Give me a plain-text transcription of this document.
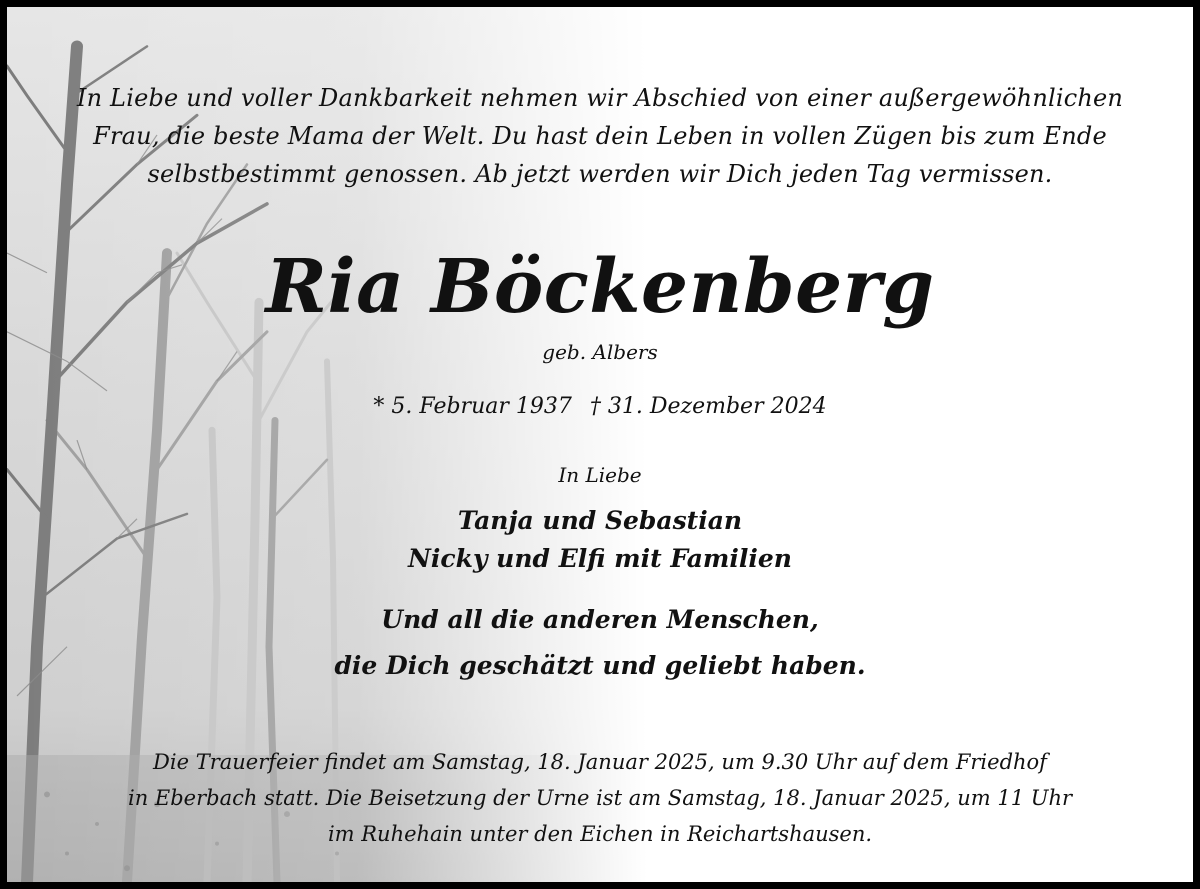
In Liebe und voller Dankbarkeit nehmen wir Abschied von einer außergewöhnlichen
Frau, die beste Mama der Welt. Du hast dein Leben in vollen Zügen bis zum Ende
selbstbestimmt genossen. Ab jetzt werden wir Dich jeden Tag vermissen.
Ria Böckenberg
geb. Albers
* 5. Februar 1937 † 31. Dezember 2024
In Liebe
Tanja und Sebastian
Nicky und Elfi mit Familien
Und all die anderen Menschen,
die Dich geschätzt und geliebt haben.
Die Trauerfeier findet am Samstag, 18. Januar 2025, um 9.30 Uhr auf dem Friedhof
in Eberbach statt. Die Beisetzung der Urne ist am Samstag, 18. Januar 2025, um 11 Uhr
im Ruhehain unter den Eichen in Reichartshausen.
